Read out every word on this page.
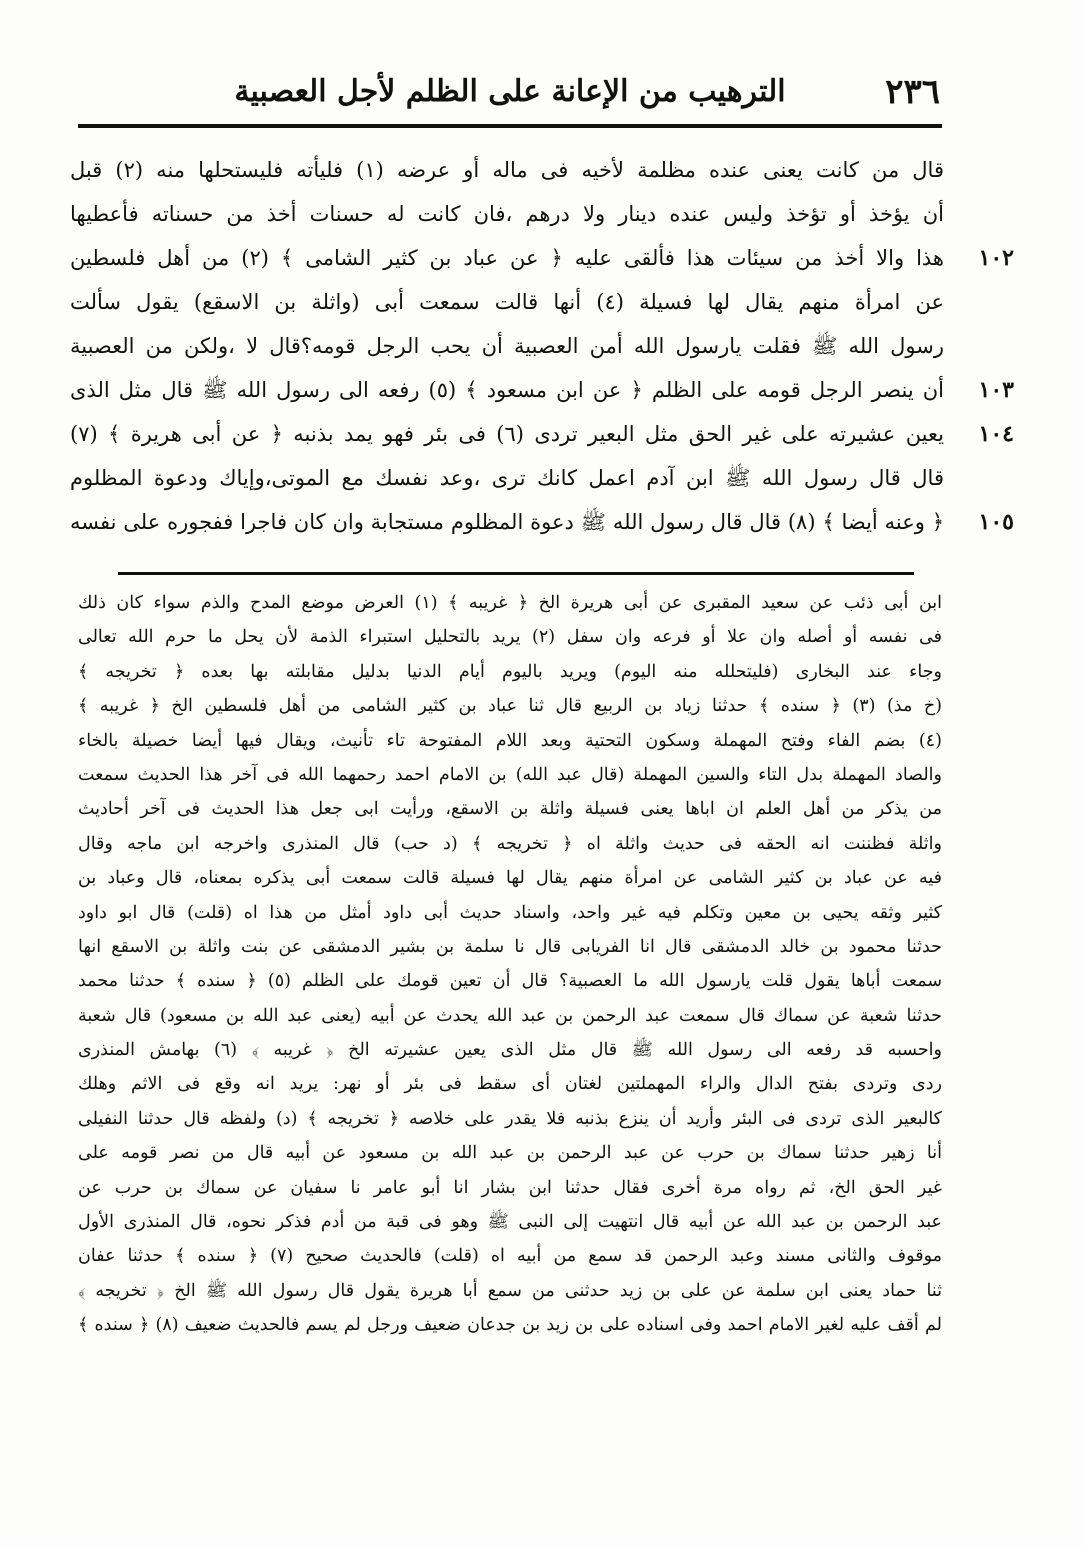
٢٣٦
الترهيب من الإعانة على الظلم لأجل العصبية
قال من كانت يعنى عنده مظلمة لأخيه فى ماله أو عرضه (١) فليأته فليستحلها منه (٢) قبل
أن يؤخذ أو تؤخذ وليس عنده دينار ولا درهم ،فان كانت له حسنات أخذ من حسناته فأعطيها
١٠٢
هذا والا أخذ من سيئات هذا فألقى عليه ﴿ عن عباد بن كثير الشامى ﴾ (٢) من أهل فلسطين
عن امرأة منهم يقال لها فسيلة (٤) أنها قالت سمعت أبى (واثلة بن الاسقع) يقول سألت
رسول الله ﷺ فقلت يارسول الله أمن العصبية أن يحب الرجل قومه؟قال لا ،ولكن من العصبية
١٠٣
أن ينصر الرجل قومه على الظلم ﴿ عن ابن مسعود ﴾ (٥) رفعه الى رسول الله ﷺ قال مثل الذى
١٠٤
يعين عشيرته على غير الحق مثل البعير تردى (٦) فى بئر فهو يمد بذنبه ﴿ عن أبى هريرة ﴾ (٧)
قال قال رسول الله ﷺ ابن آدم اعمل كانك ترى ،وعد نفسك مع الموتى،وإياك ودعوة المظلوم
١٠٥
﴿ وعنه أيضا ﴾ (٨) قال قال رسول الله ﷺ دعوة المظلوم مستجابة وان كان فاجرا ففجوره على نفسه
ابن أبى ذئب عن سعيد المقبرى عن أبى هريرة الخ ﴿ غريبه ﴾ (١) العرض موضع المدح والذم سواء كان ذلك
فى نفسه أو أصله وان علا أو فرعه وان سفل (٢) يريد بالتحليل استبراء الذمة لأن يحل ما حرم الله تعالى
وجاء عند البخارى (فليتحلله منه اليوم) ويريد باليوم أيام الدنيا بدليل مقابلته بها بعده ﴿ تخريجه ﴾
(خ مذ) (٣) ﴿ سنده ﴾ حدثنا زياد بن الربيع قال ثنا عباد بن كثير الشامى من أهل فلسطين الخ ﴿ غريبه ﴾
(٤) بضم الفاء وفتح المهملة وسكون التحتية وبعد اللام المفتوحة تاء تأنيث، ويقال فيها أيضا خصيلة بالخاء
والصاد المهملة بدل التاء والسين المهملة (قال عبد الله) بن الامام احمد رحمهما الله فى آخر هذا الحديث سمعت
من يذكر من أهل العلم ان اباها يعنى فسيلة واثلة بن الاسقع، ورأيت ابى جعل هذا الحديث فى آخر أحاديث
واثلة فظننت انه الحقه فى حديث واثلة اه ﴿ تخريجه ﴾ (د حب) قال المنذرى واخرجه ابن ماجه وقال
فيه عن عباد بن كثير الشامى عن امرأة منهم يقال لها فسيلة قالت سمعت أبى يذكره بمعناه، قال وعباد بن
كثير وثقه يحيى بن معين وتكلم فيه غير واحد، واسناد حديث أبى داود أمثل من هذا اه (قلت) قال ابو داود
حدثنا محمود بن خالد الدمشقى قال انا الفريابى قال نا سلمة بن بشير الدمشقى عن بنت واثلة بن الاسقع انها
سمعت أباها يقول قلت يارسول الله ما العصبية؟ قال أن تعين قومك على الظلم (٥) ﴿ سنده ﴾ حدثنا محمد
حدثنا شعبة عن سماك قال سمعت عبد الرحمن بن عبد الله يحدث عن أبيه (يعنى عبد الله بن مسعود) قال شعبة
واحسبه قد رفعه الى رسول الله ﷺ قال مثل الذى يعين عشيرته الخ ﴿ غريبه ﴾ (٦) بهامش المنذرى
ردى وتردى بفتح الدال والراء المهملتين لغتان أى سقط فى بئر أو نهر: يريد انه وقع فى الاثم وهلك
كالبعير الذى تردى فى البئر وأريد أن ينزع بذنبه فلا يقدر على خلاصه ﴿ تخريجه ﴾ (د) ولفظه قال حدثنا النفيلى
أنا زهير حدثنا سماك بن حرب عن عبد الرحمن بن عبد الله بن مسعود عن أبيه قال من نصر قومه على
غير الحق الخ، ثم رواه مرة أخرى فقال حدثنا ابن بشار انا أبو عامر نا سفيان عن سماك بن حرب عن
عبد الرحمن بن عبد الله عن أبيه قال انتهيت إلى النبى ﷺ وهو فى قبة من أدم فذكر نحوه، قال المنذرى الأول
موقوف والثانى مسند وعبد الرحمن قد سمع من أبيه اه (قلت) فالحديث صحيح (٧) ﴿ سنده ﴾ حدثنا عفان
ثنا حماد يعنى ابن سلمة عن على بن زيد حدثنى من سمع أبا هريرة يقول قال رسول الله ﷺ الخ ﴿ تخريجه ﴾
لم أقف عليه لغير الامام احمد وفى اسناده على بن زيد بن جدعان ضعيف ورجل لم يسم فالحديث ضعيف (٨) ﴿ سنده ﴾
